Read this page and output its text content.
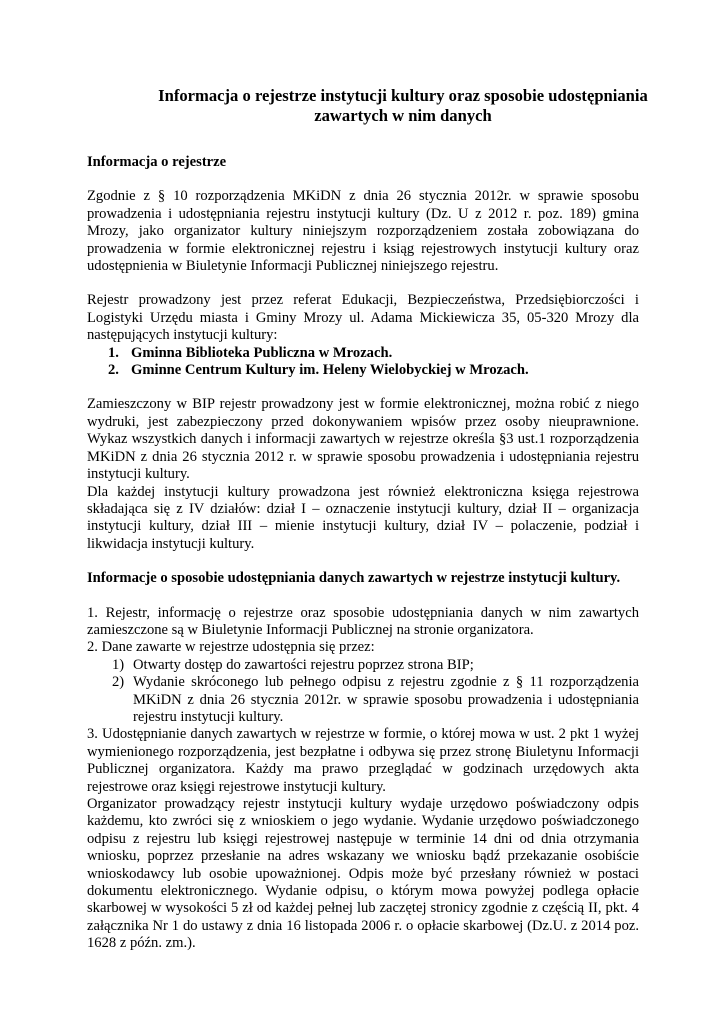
Informacja o rejestrze instytucji kultury oraz sposobie udostępniania
zawartych w nim danych

Informacja o rejestrze

Zgodnie z § 10 rozporządzenia MKiDN z dnia 26 stycznia 2012r. w sprawie sposobu prowadzenia i udostępniania rejestru instytucji kultury (Dz. U z 2012 r. poz. 189) gmina Mrozy, jako organizator kultury niniejszym rozporządzeniem została zobowiązana do prowadzenia w formie elektronicznej rejestru i ksiąg rejestrowych instytucji kultury oraz udostępnienia w Biuletynie Informacji Publicznej niniejszego rejestru.

Rejestr prowadzony jest przez referat Edukacji, Bezpieczeństwa, Przedsiębiorczości i Logistyki Urzędu miasta i Gminy Mrozy ul. Adama Mickiewicza 35, 05-320 Mrozy dla następujących instytucji kultury:

1. Gminna Biblioteka Publiczna w Mrozach.
2. Gminne Centrum Kultury im. Heleny Wielobyckiej w Mrozach.

Zamieszczony w BIP rejestr prowadzony jest w formie elektronicznej, można robić z niego wydruki, jest zabezpieczony przed dokonywaniem wpisów przez osoby nieuprawnione. Wykaz wszystkich danych i informacji zawartych w rejestrze określa §3 ust.1 rozporządzenia MKiDN z dnia 26 stycznia 2012 r. w sprawie sposobu prowadzenia i udostępniania rejestru instytucji kultury.

Dla każdej instytucji kultury prowadzona jest również elektroniczna księga rejestrowa składająca się z IV działów: dział I – oznaczenie instytucji kultury, dział II – organizacja instytucji kultury, dział III – mienie instytucji kultury, dział IV – polaczenie, podział i likwidacja instytucji kultury.

Informacje o sposobie udostępniania danych zawartych w rejestrze instytucji kultury.

1. Rejestr, informację o rejestrze oraz sposobie udostępniania danych w nim zawartych zamieszczone są w Biuletynie Informacji Publicznej na stronie organizatora.

2. Dane zawarte w rejestrze udostępnia się przez:

1) Otwarty dostęp do zawartości rejestru poprzez strona BIP;
2) Wydanie skróconego lub pełnego odpisu z rejestru zgodnie z § 11 rozporządzenia MKiDN z dnia 26 stycznia 2012r. w sprawie sposobu prowadzenia i udostępniania rejestru instytucji kultury.

3. Udostępnianie danych zawartych w rejestrze w formie, o której mowa w ust. 2 pkt 1 wyżej wymienionego rozporządzenia, jest bezpłatne i odbywa się przez stronę Biuletynu Informacji Publicznej organizatora. Każdy ma prawo przeglądać w godzinach urzędowych akta rejestrowe oraz księgi rejestrowe instytucji kultury.

Organizator prowadzący rejestr instytucji kultury wydaje urzędowo poświadczony odpis każdemu, kto zwróci się z wnioskiem o jego wydanie. Wydanie urzędowo poświadczonego odpisu z rejestru lub księgi rejestrowej następuje w terminie 14 dni od dnia otrzymania wniosku, poprzez przesłanie na adres wskazany we wniosku bądź przekazanie osobiście wnioskodawcy lub osobie upoważnionej. Odpis może być przesłany również w postaci dokumentu elektronicznego. Wydanie odpisu, o którym mowa powyżej podlega opłacie skarbowej w wysokości 5 zł od każdej pełnej lub zaczętej stronicy zgodnie z częścią II, pkt. 4 załącznika Nr 1 do ustawy z dnia 16 listopada 2006 r. o opłacie skarbowej (Dz.U. z 2014 poz. 1628 z późn. zm.).
